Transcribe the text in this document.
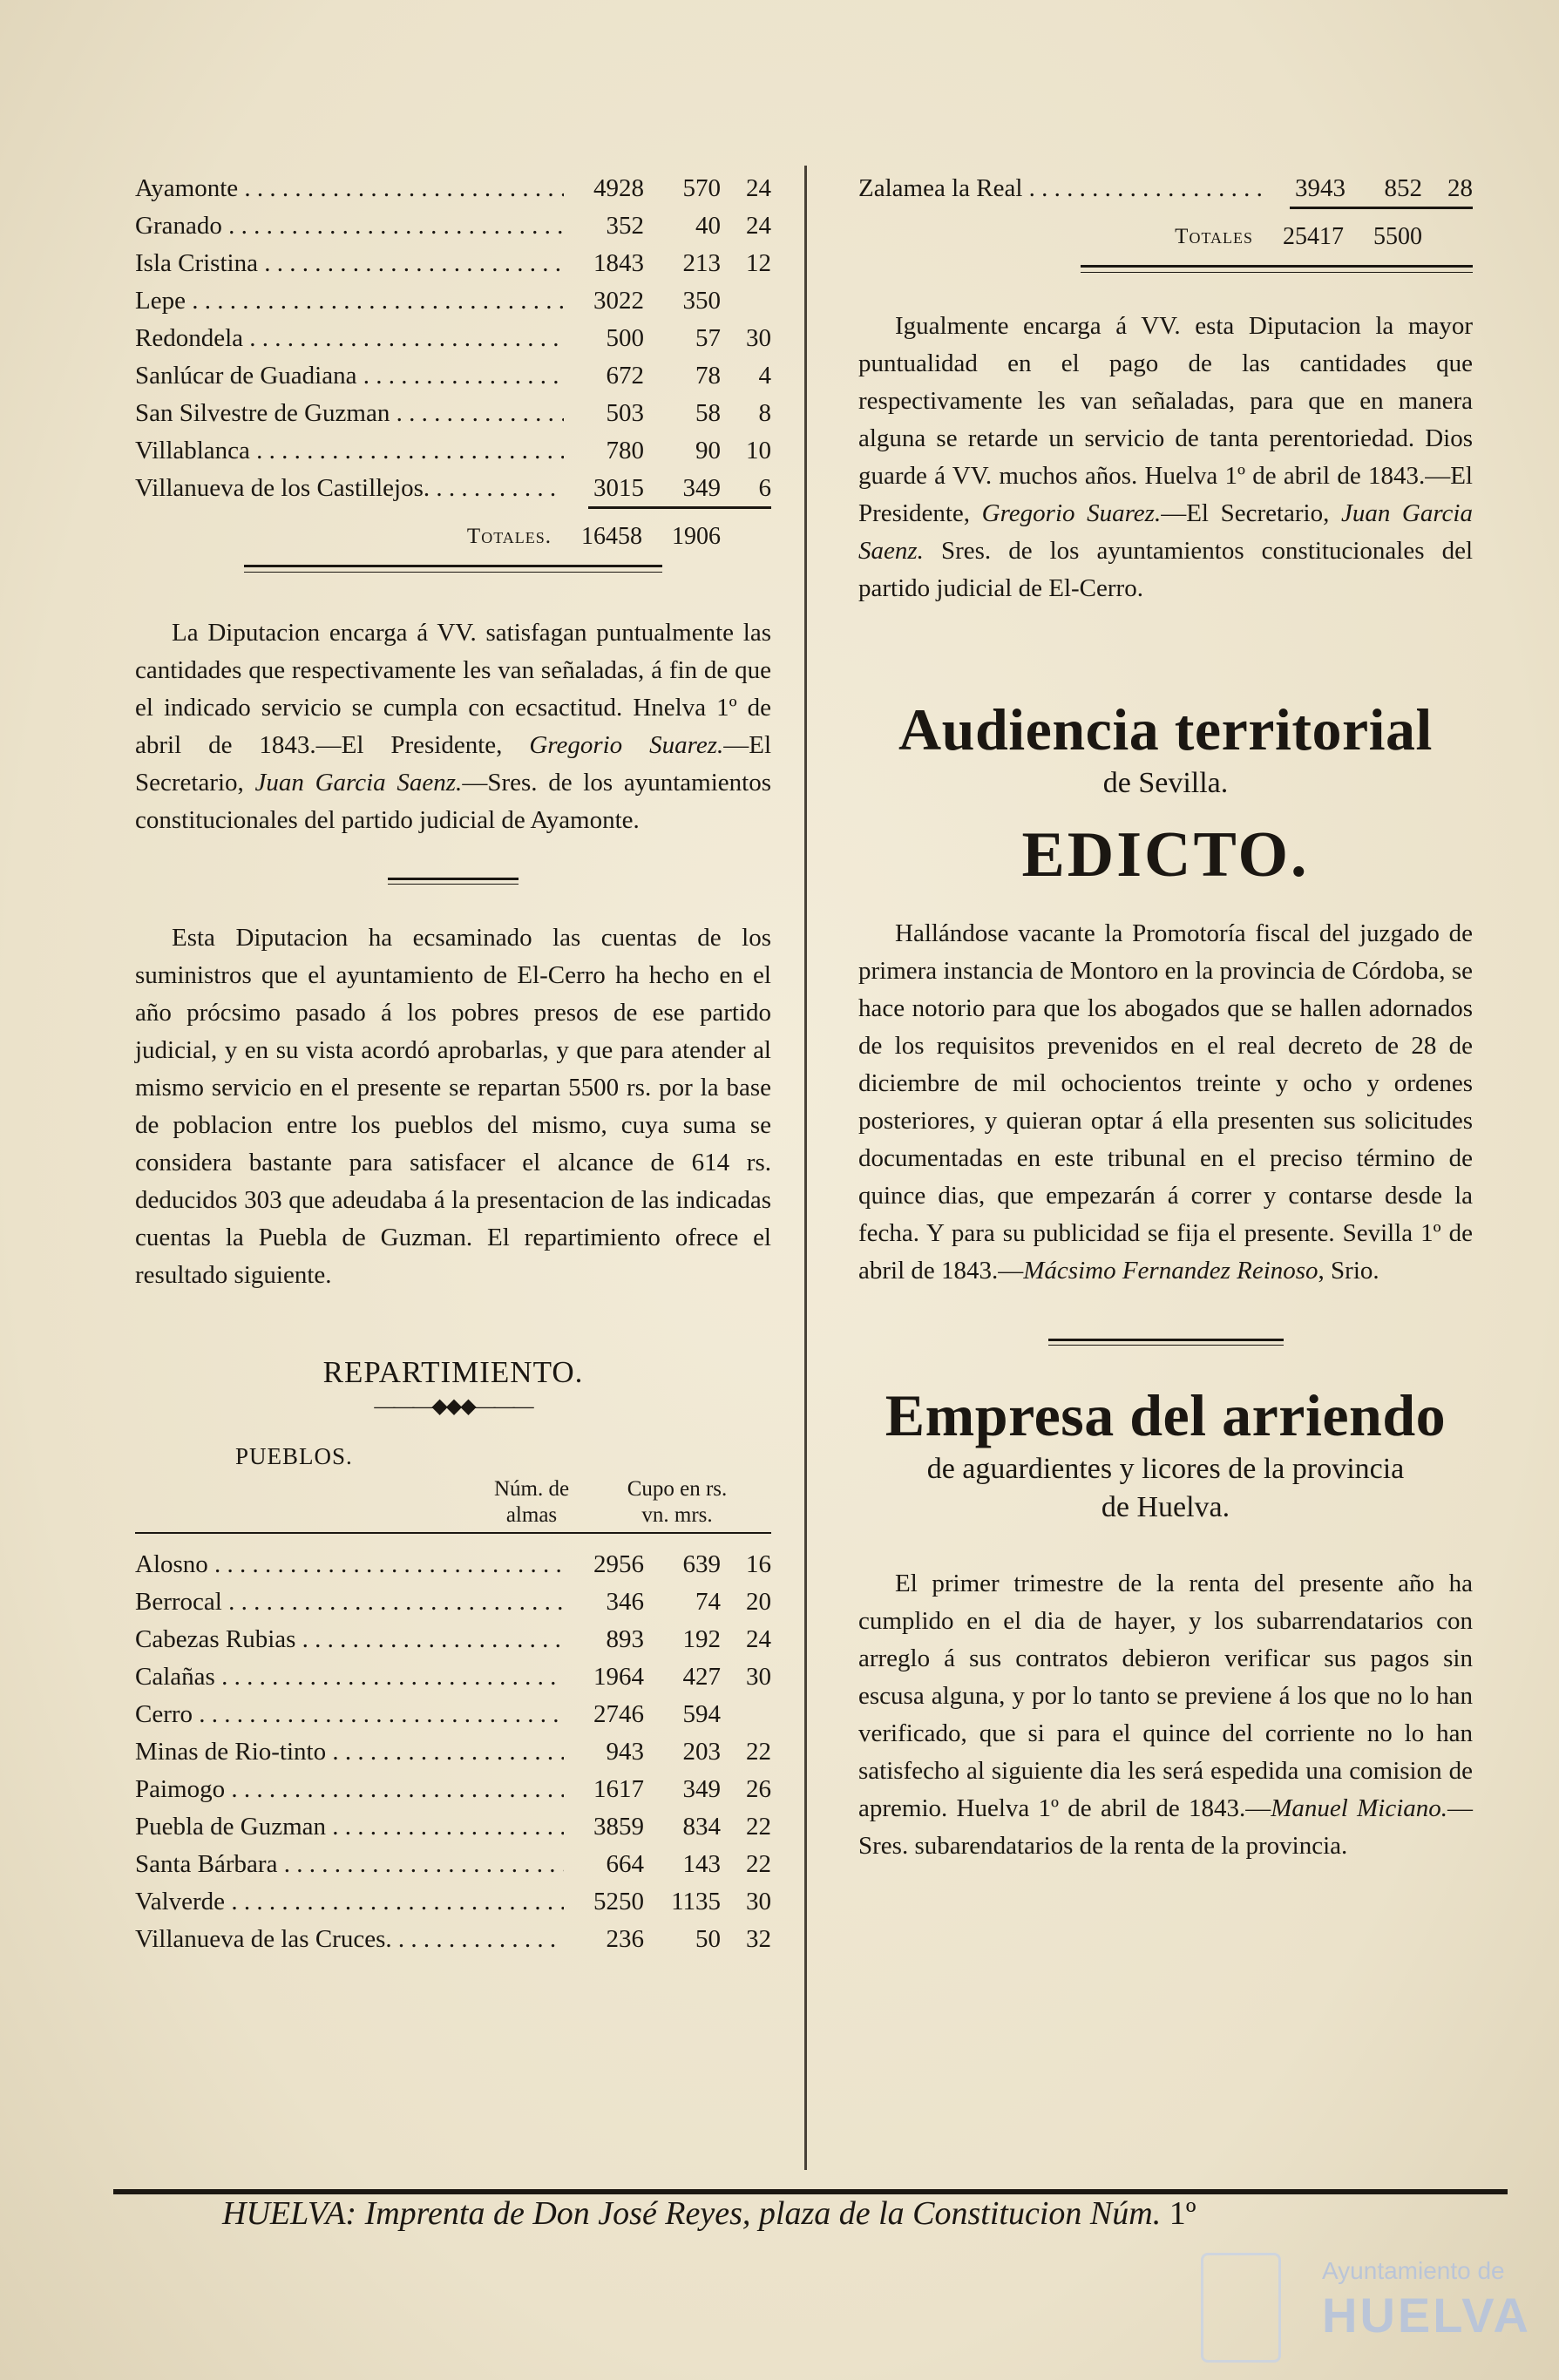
Ayamonte . . .	4928	570	24
Granado . . .	352	40	24
Isla Cristina . . .	1843	213	12
Lepe . . .	3022	350
Redondela . . .	500	57	30
Sanlúcar de Guadiana . . .	672	78	4
San Silvestre de Guzman . . .	503	58	8
Villablanca . . .	780	90	10
Villanueva de los Castillejos. . . .	3015	349	6
Totales. 16458 1906

La Diputacion encarga á VV. satisfagan puntualmente las cantidades que respectivamente les van señaladas, á fin de que el indicado servicio se cumpla con ecsactitud. Hnelva 1º de abril de 1843.—El Presidente, Gregorio Suarez.—El Secretario, Juan Garcia Saenz.—Sres. de los ayuntamientos constitucionales del partido judicial de Ayamonte.

Esta Diputacion ha ecsaminado las cuentas de los suministros que el ayuntamiento de El-Cerro ha hecho en el año prócsimo pasado á los pobres presos de ese partido judicial, y en su vista acordó aprobarlas, y que para atender al mismo servicio en el presente se repartan 5500 rs. por la base de poblacion entre los pueblos del mismo, cuya suma se considera bastante para satisfacer el alcance de 614 rs. deducidos 303 que adeudaba á la presentacion de las indicadas cuentas la Puebla de Guzman. El repartimiento ofrece el resultado siguiente.

REPARTIMIENTO.
———◆◆◆———
PUEBLOS.
Núm. de almas
Cupo en rs. vn. mrs.
Alosno . . .	2956	639	16
Berrocal . . .	346	74	20
Cabezas Rubias . . .	893	192	24
Calañas . . .	1964	427	30
Cerro . . .	2746	594
Minas de Rio-tinto . . .	943	203	22
Paimogo . . .	1617	349	26
Puebla de Guzman . . .	3859	834	22
Santa Bárbara . . .	664	143	22
Valverde . . .	5250	1135	30
Villanueva de las Cruces. . . .	236	50	32
Zalamea la Real . . .	3943	852	28
Totales 25417 5500

Igualmente encarga á VV. esta Diputacion la mayor puntualidad en el pago de las cantidades que respectivamente les van señaladas, para que en manera alguna se retarde un servicio de tanta perentoriedad. Dios guarde á VV. muchos años. Huelva 1º de abril de 1843.—El Presidente, Gregorio Suarez.—El Secretario, Juan Garcia Saenz. Sres. de los ayuntamientos constitucionales del partido judicial de El-Cerro.

Audiencia territorial
de Sevilla.
EDICTO.

Hallándose vacante la Promotoría fiscal del juzgado de primera instancia de Montoro en la provincia de Córdoba, se hace notorio para que los abogados que se hallen adornados de los requisitos prevenidos en el real decreto de 28 de diciembre de mil ochocientos treinte y ocho y ordenes posteriores, y quieran optar á ella presenten sus solicitudes documentadas en este tribunal en el preciso término de quince dias, que empezarán á correr y contarse desde la fecha. Y para su publicidad se fija el presente. Sevilla 1º de abril de 1843.—Mácsimo Fernandez Reinoso, Srio.

Empresa del arriendo
de aguardientes y licores de la provincia
de Huelva.

El primer trimestre de la renta del presente año ha cumplido en el dia de hayer, y los subarrendatarios con arreglo á sus contratos debieron verificar sus pagos sin escusa alguna, y por lo tanto se previene á los que no lo han verificado, que si para el quince del corriente no lo han satisfecho al siguiente dia les será espedida una comision de apremio. Huelva 1º de abril de 1843.—Manuel Miciano.— Sres. subarendatarios de la renta de la provincia.

HUELVA: Imprenta de Don José Reyes, plaza de la Constitucion Núm. 1º
Ayuntamiento de
HUELVA
